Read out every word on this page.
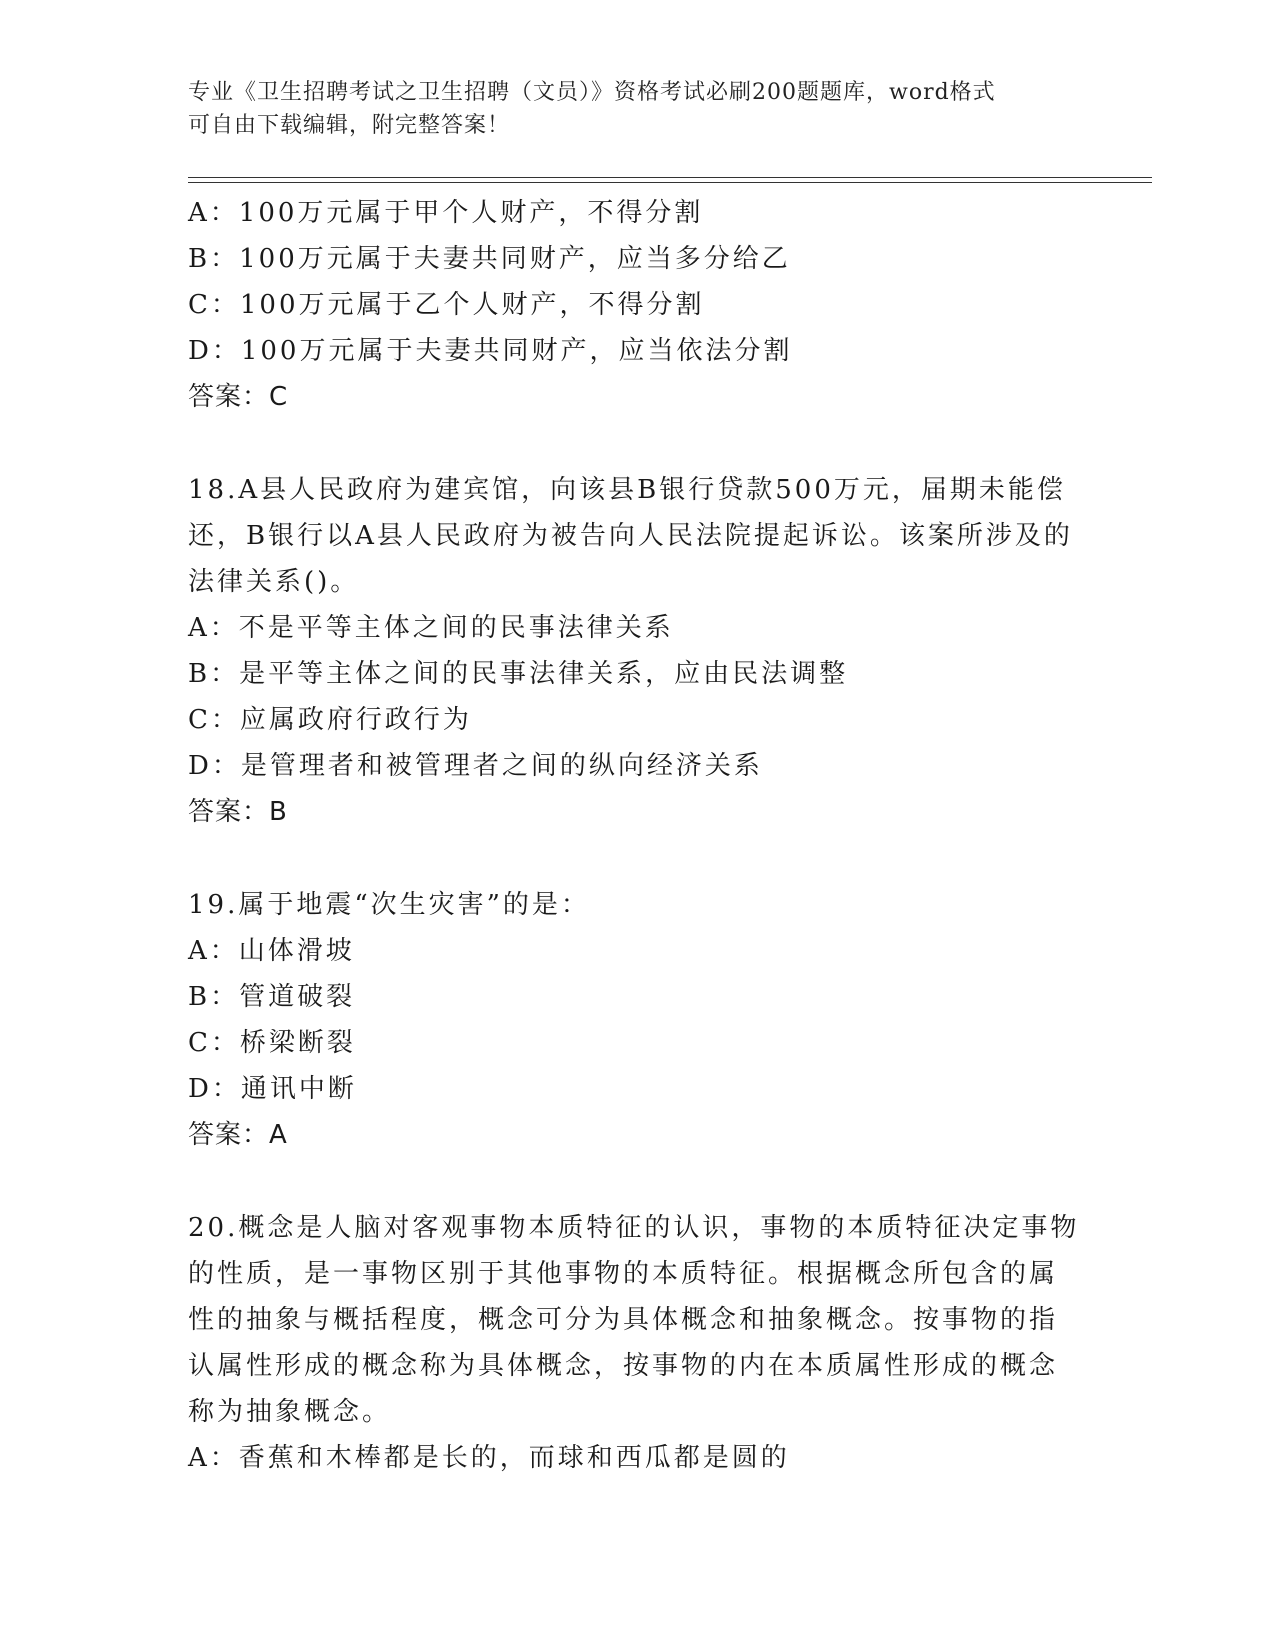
专业《卫生招聘考试之卫生招聘（文员）》资格考试必刷200题题库，word格式
可自由下载编辑，附完整答案！
A：100万元属于甲个人财产，不得分割
B：100万元属于夫妻共同财产，应当多分给乙
C：100万元属于乙个人财产，不得分割
D：100万元属于夫妻共同财产，应当依法分割
答案：C
18.A县人民政府为建宾馆，向该县B银行贷款500万元，届期未能偿
还，B银行以A县人民政府为被告向人民法院提起诉讼。该案所涉及的
法律关系()。
A：不是平等主体之间的民事法律关系
B：是平等主体之间的民事法律关系，应由民法调整
C：应属政府行政行为
D：是管理者和被管理者之间的纵向经济关系
答案：B
19.属于地震“次生灾害”的是：
A：山体滑坡
B：管道破裂
C：桥梁断裂
D：通讯中断
答案：A
20.概念是人脑对客观事物本质特征的认识，事物的本质特征决定事物
的性质，是一事物区别于其他事物的本质特征。根据概念所包含的属
性的抽象与概括程度，概念可分为具体概念和抽象概念。按事物的指
认属性形成的概念称为具体概念，按事物的内在本质属性形成的概念
称为抽象概念。
A：香蕉和木棒都是长的，而球和西瓜都是圆的
